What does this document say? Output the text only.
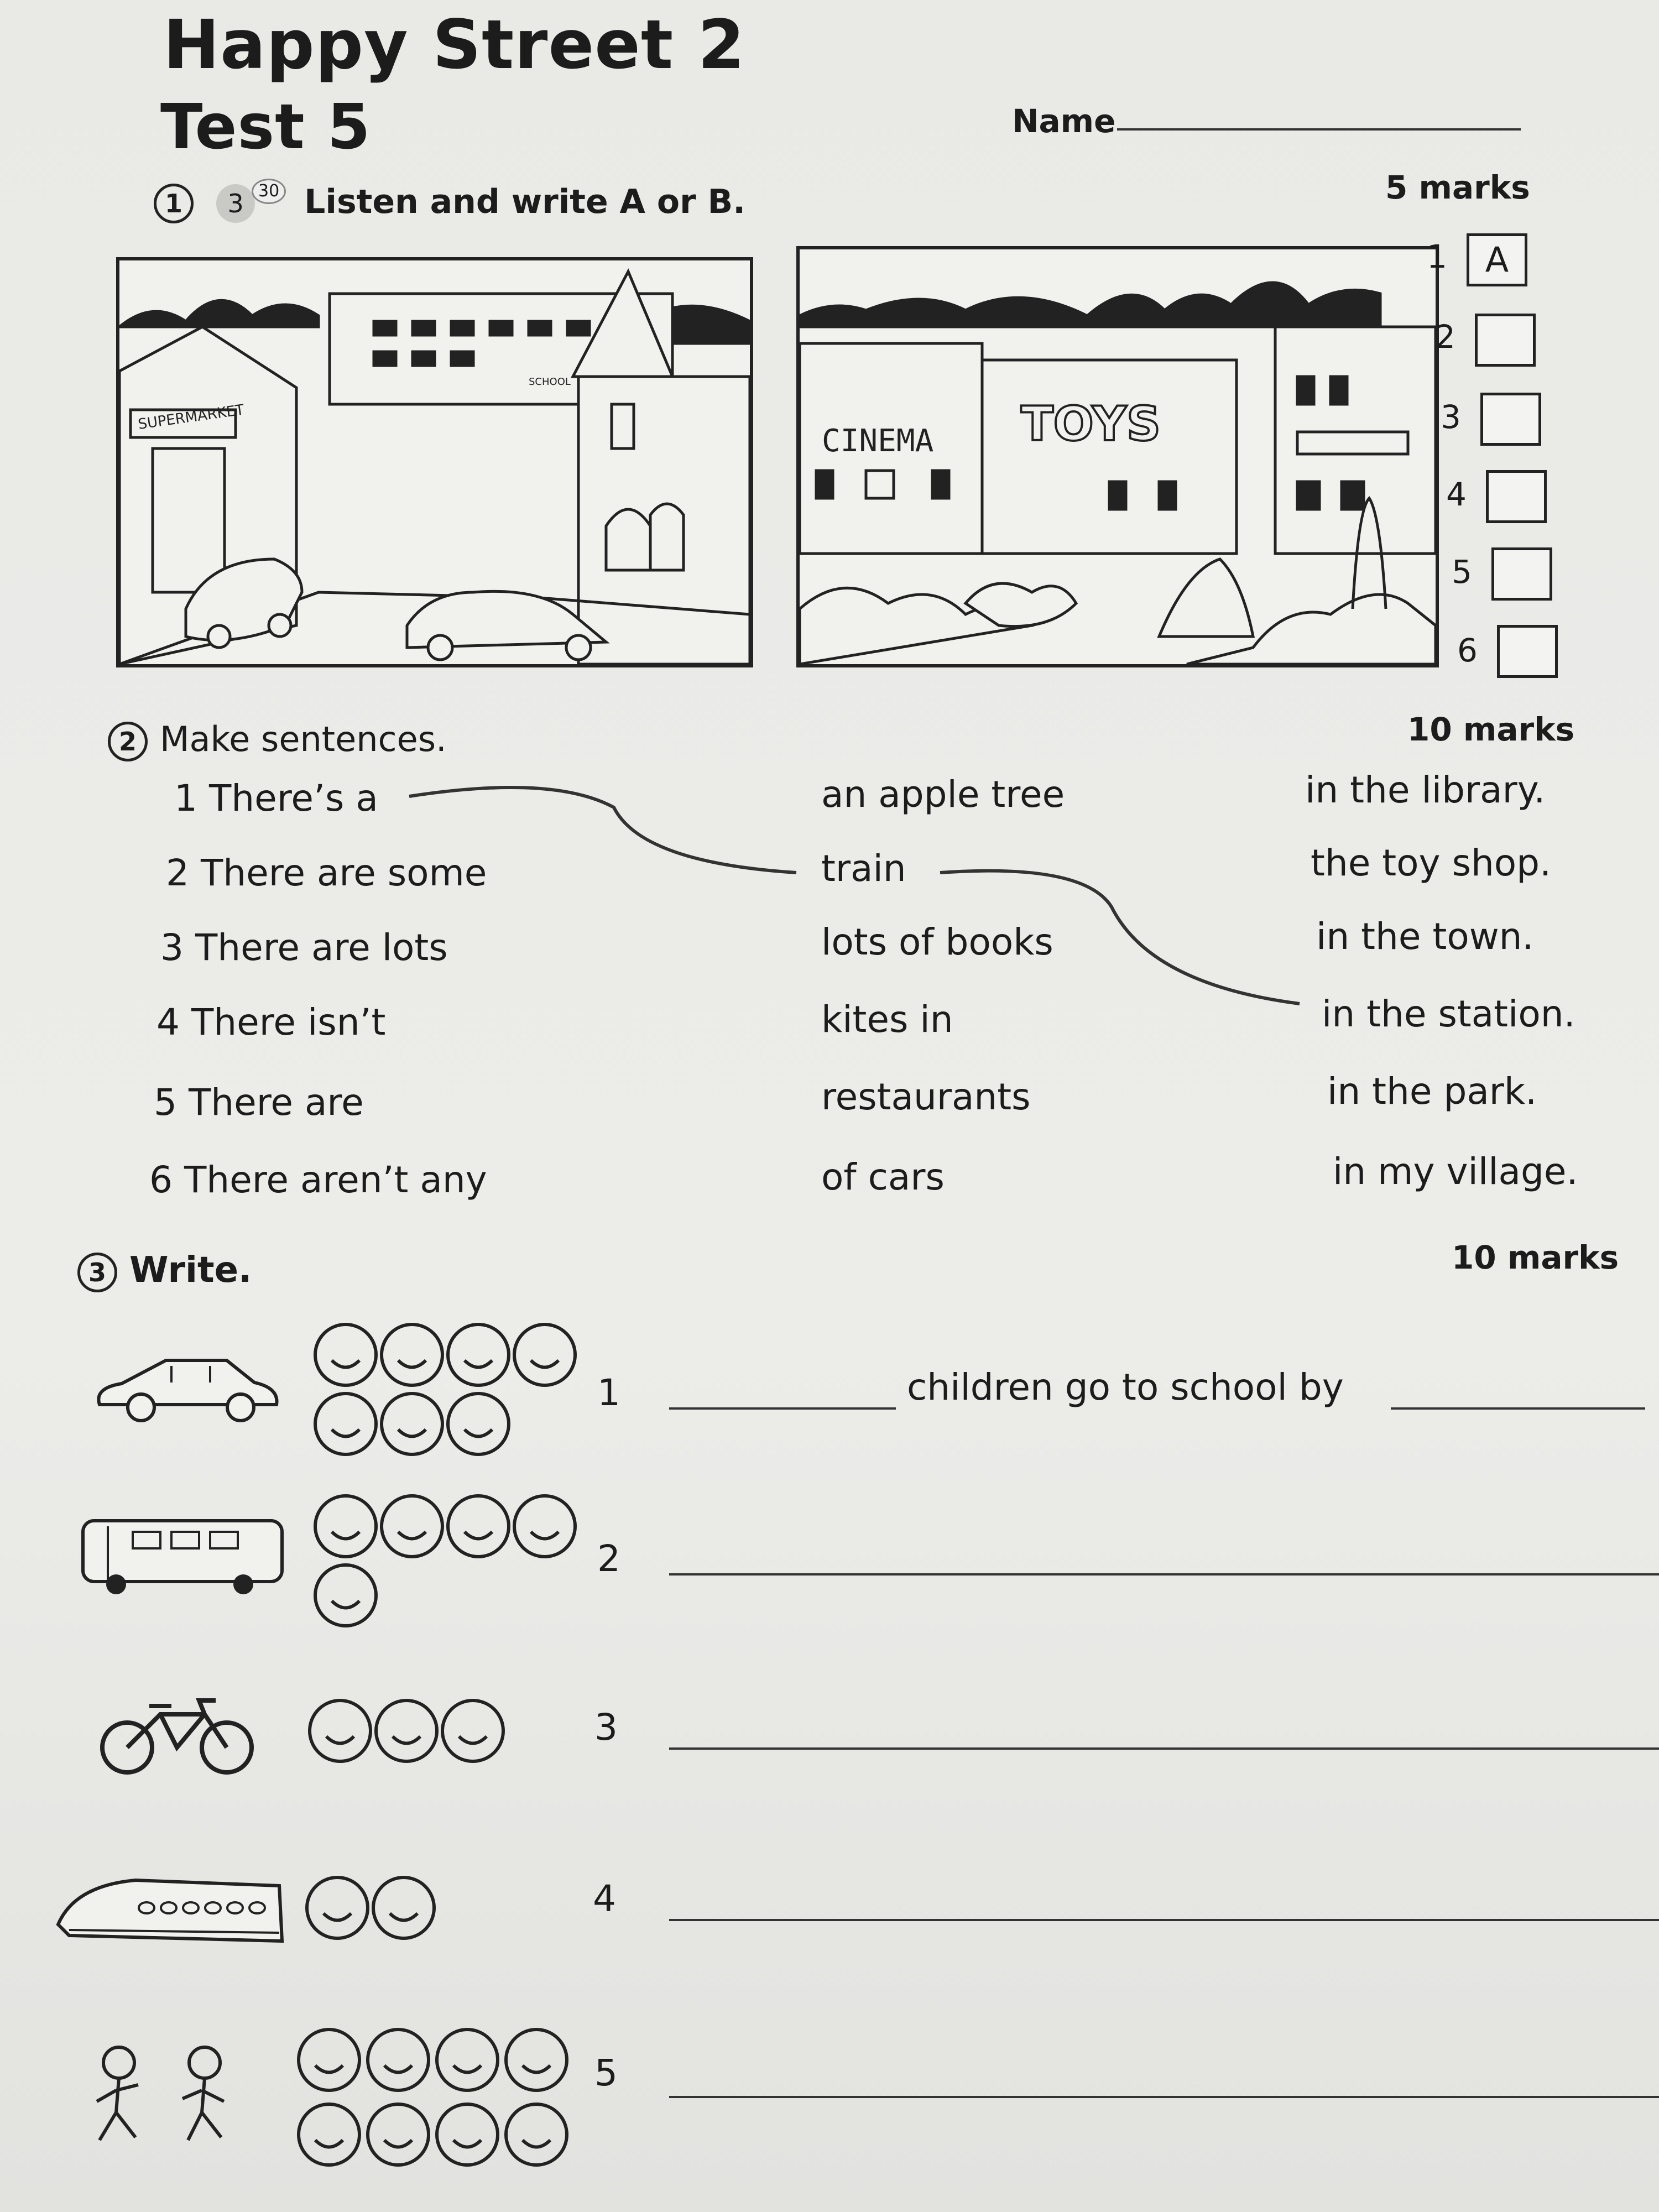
Happy Street 2
Test 5	Name
1	3 30 Listen and write A or B.	5 marks
SUPERMARKET
SCHOOL
CINEMA TOYS
1	A
2
3
4
5
6
2 Make sentences.	10 marks
1 There’s a
2 There are some
3 There are lots
4 There isn’t
5 There are
6 There aren’t any
an apple tree
train
lots of books
kites in
restaurants
of cars
in the library.
the toy shop.
in the town.
in the station.
in the park.
in my village.
3 Write.	10 marks
1	children go to school by
2
3
4
5
